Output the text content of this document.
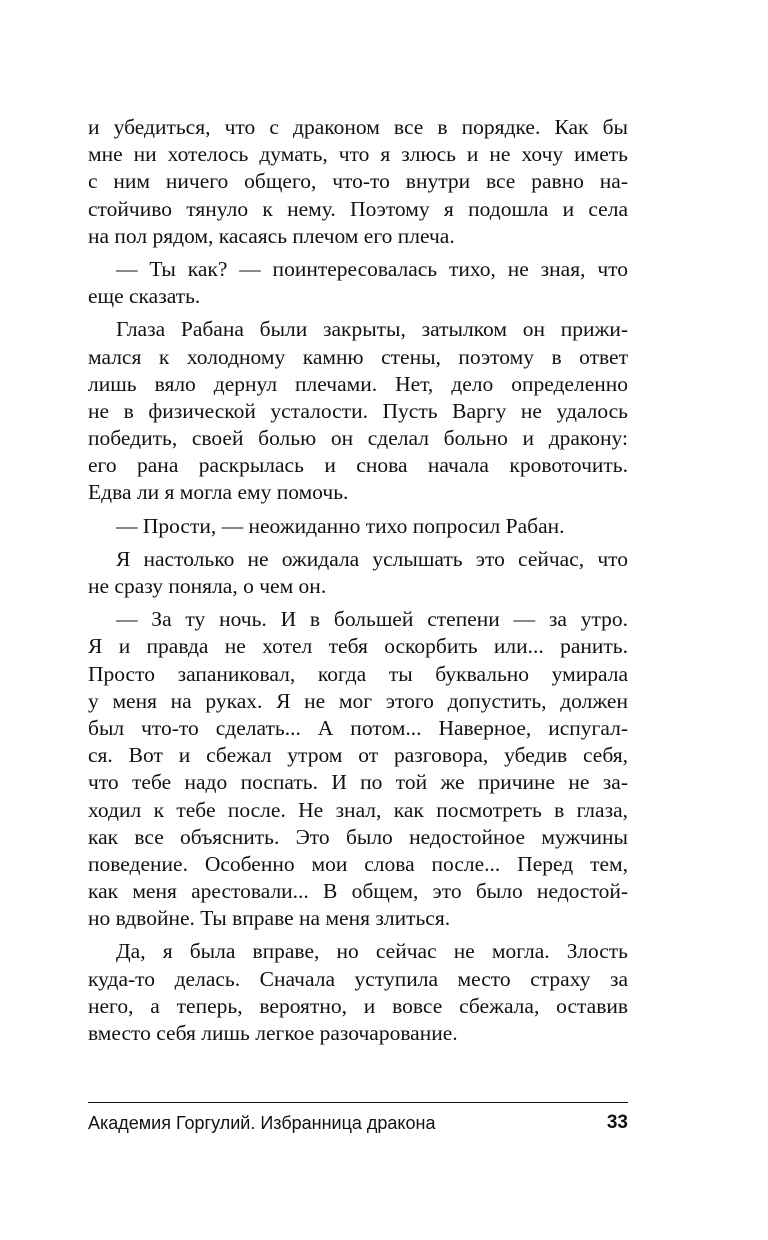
и убедиться, что с драконом все в порядке. Как бы
мне ни хотелось думать, что я злюсь и не хочу иметь
с ним ничего общего, что-то внутри все равно на-
стойчиво тянуло к нему. Поэтому я подошла и села
на пол рядом, касаясь плечом его плеча.
— Ты как? — поинтересовалась тихо, не зная, что
еще сказать.
Глаза Рабана были закрыты, затылком он прижи-
мался к холодному камню стены, поэтому в ответ
лишь вяло дернул плечами. Нет, дело определенно
не в физической усталости. Пусть Варгу не удалось
победить, своей болью он сделал больно и дракону:
его рана раскрылась и снова начала кровоточить.
Едва ли я могла ему помочь.
— Прости, — неожиданно тихо попросил Рабан.
Я настолько не ожидала услышать это сейчас, что
не сразу поняла, о чем он.
— За ту ночь. И в большей степени — за утро.
Я и правда не хотел тебя оскорбить или... ранить.
Просто запаниковал, когда ты буквально умирала
у меня на руках. Я не мог этого допустить, должен
был что-то сделать... А потом... Наверное, испугал-
ся. Вот и сбежал утром от разговора, убедив себя,
что тебе надо поспать. И по той же причине не за-
ходил к тебе после. Не знал, как посмотреть в глаза,
как все объяснить. Это было недостойное мужчины
поведение. Особенно мои слова после... Перед тем,
как меня арестовали... В общем, это было недостой-
но вдвойне. Ты вправе на меня злиться.
Да, я была вправе, но сейчас не могла. Злость
куда-то делась. Сначала уступила место страху за
него, а теперь, вероятно, и вовсе сбежала, оставив
вместо себя лишь легкое разочарование.
Академия Горгулий. Избранница дракона	33
